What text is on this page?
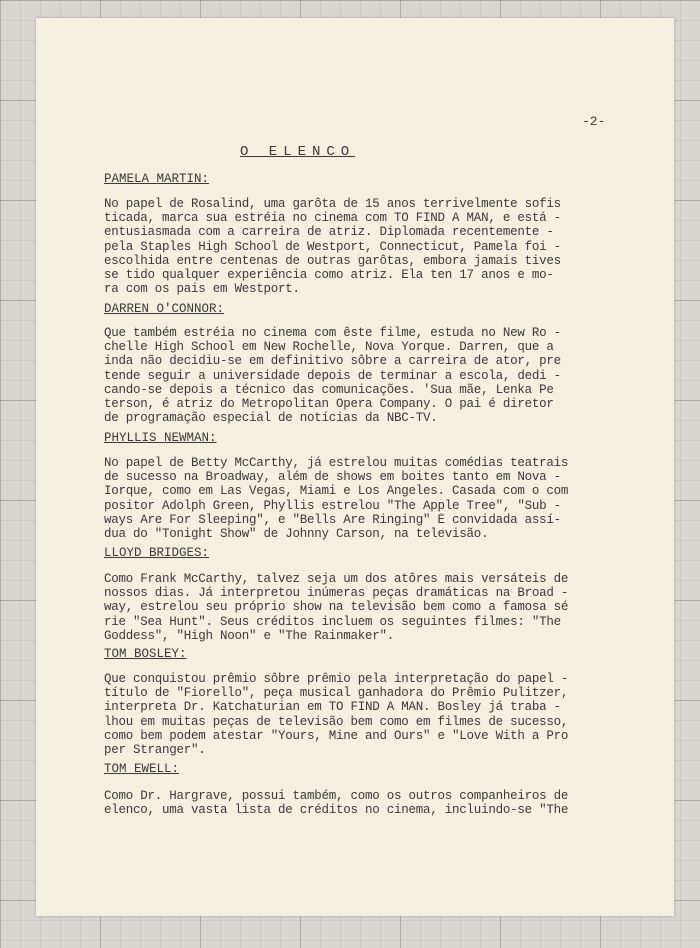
-2-
O ELENCO
PAMELA MARTIN:
No papel de Rosalind, uma garôta de 15 anos terrivelmente sofis
ticada, marca sua estréia no cinema com TO FIND A MAN, e está -
entusiasmada com a carreira de atriz. Diplomada recentemente -
pela Staples High School de Westport, Connecticut, Pamela foi -
escolhida entre centenas de outras garôtas, embora jamais tives
se tido qualquer experiência como atriz. Ela ten 17 anos e mo-
ra com os pais em Westport.
DARREN O'CONNOR:
Que também estréia no cinema com êste filme, estuda no New Ro -
chelle High School em New Rochelle, Nova Yorque. Darren, que a
inda não decidiu-se em definitivo sôbre a carreira de ator, pre
tende seguir a universidade depois de terminar a escola, dedi -
cando-se depois a técnico das comunicações. 'Sua mãe, Lenka Pe
terson, é atriz do Metropolitan Opera Company. O pai é diretor
de programação especial de notícias da NBC-TV.
PHYLLIS NEWMAN:
No papel de Betty McCarthy, já estrelou muitas comédias teatrais
de sucesso na Broadway, além de shows em boites tanto em Nova -
Iorque, como em Las Vegas, Miami e Los Angeles. Casada com o com
positor Adolph Green, Phyllis estrelou "The Apple Tree", "Sub -
ways Are For Sleeping", e "Bells Are Ringing" É convidada assí-
dua do "Tonight Show" de Johnny Carson, na televisão.
LLOYD BRIDGES:
Como Frank McCarthy, talvez seja um dos atôres mais versáteis de
nossos dias. Já interpretou inúmeras peças dramáticas na Broad -
way, estrelou seu próprio show na televisão bem como a famosa sé
rie "Sea Hunt". Seus créditos incluem os seguintes filmes: "The
Goddess", "High Noon" e "The Rainmaker".
TOM BOSLEY:
Que conquistou prêmio sôbre prêmio pela interpretação do papel -
título de "Fiorello", peça musical ganhadora do Prêmio Pulitzer,
interpreta Dr. Katchaturian em TO FIND A MAN. Bosley já traba -
lhou em muitas peças de televisão bem como em filmes de sucesso,
como bem podem atestar "Yours, Mine and Ours" e "Love With a Pro
per Stranger".
TOM EWELL:
Como Dr. Hargrave, possui também, como os outros companheiros de
elenco, uma vasta lista de créditos no cinema, incluindo-se "The
